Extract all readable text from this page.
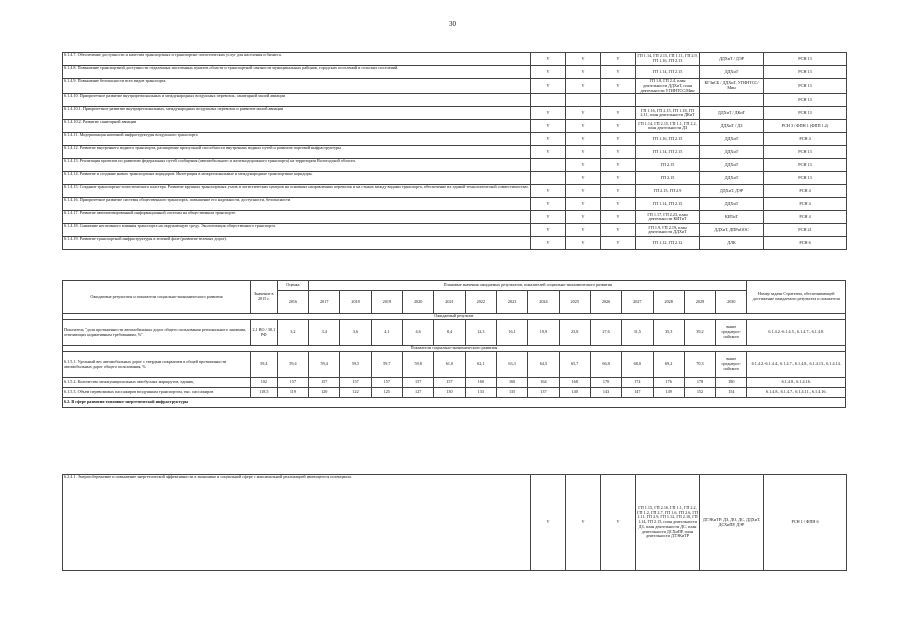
30
6.1.4.7. Обеспечение доступности и качества транспортных и транспортно-логистических услуг для населения и бизнеса.	V	V	V	ГП 1.14, ГП 2.15, ГП 1.11, ГП 2.9, ГП 1.16, ГП 2.13	ДДХиТ / ДЭР	РСН 13
6.1.4.8. Повышение транспортной доступности отдаленных населенных пунктов области и транспортной связности муниципальных районов, городских поселений и сельских поселений.	V	V	V	ГП 1.14, ГП 2.15	ДДХиТ	РСН 13
6.1.4.9. Повышение безопасности всех видов транспорта.	V	V	V	ГП 1.8, ГП 2.4, план деятельности ДДХиТ, план деятельности УГИНТСС/Мин	КГЗиСБ / ДДХиТ, УГИНТСС/Мин	РСН 13
6.1.4.10. Приоритетное развитие внутрирегиональных и международных воздушных перевозок, санитарной малой авиации						РСН 13
6.1.4.10.1. Приоритетное развитие внутрирегиональных, международных воздушных перевозок и развитие малой авиации	V	V	V	ГП 1.16, ГП 2.15, ГП 1.18, ГП 2.11, план деятельности ДКиТ	ДДХиТ / ДКиТ	РСН 13
6.1.4.10.2. Развитие санитарной авиации	V	V	V	ГП 1.14, ГП 2.15, ГП 1.1, ГП 2.2, план деятельности ДЗ	ДДХиТ / ДЗ	РСН 3 / ФПН 1 (ФПП 1.2)
6.1.4.11. Модернизация наземной инфраструктуры воздушного транспорта	V	V	V	ГП 1.16, ГП 2.15	ДДХиТ	РСН 4
6.1.4.12. Развитие внутреннего водного транспорта, расширение пропускной способности внутренних водных путей и развитие портовой инфраструктуры	V	V	V	ГП 1.14, ГП 2.15	ДДХиТ	РСН 13
6.1.4.13. Реализация проектов по развитию федеральных путей сообщения (автомобильного и железнодорожного транспорта) на территории Вологодской области.		V	V	ГП 2.15	ДДХиТ	РСН 13
6.1.4.14. Развитие и создание новых транспортных коридоров. Интеграция в межрегиональные и международные транспортные коридоры.		V	V	ГП 2.15	ДДХиТ	РСН 13
6.1.4.15. Создание транспортно-логистического кластера. Развитие крупных транспортных узлов и логистических центров на основных направлениях перевозок и на стыках между видами транспорта, обеспечение их единой технологической совместимостью.	V	V	V	ГП 2.15, ГП 2.9	ДДХиТ, ДЭР	РСН 4
6.1.4.16. Приоритетное развитие системы общественного транспорта, повышение его надежности, доступности, безопасности	V	V	V	ГП 1.14, ГП 2.15	ДДХиТ	РСН 4
6.1.4.17. Развитие автоматизированной информационной системы на общественном транспорте.	V	V	V	ГП 1.17, ГП 2.23, план деятельности КИТиТ	КИТиТ	РСН 4
6.1.4.18. Снижение негативного влияния транспорта на окружающую среду. Экологизация общественного транспорта.	V	V	V	ГП 1.9, ГП 2.19, план деятельности ДДХиТ	ДДХиТ, ДПРиООС	РСН 21
6.1.4.19. Развитие транспортной инфраструктуры в зеленой фазе (развитие зеленых дорог).	V	V	V	ГП 1.12, ГП 2.12	ДЛК	РСН 6
Ожидаемые результаты и показатели социально-экономического развития	Значение в 2015 г.	Оценка	Плановые значения ожидаемых результатов, показателей социально-экономического развития														Номер задачи Стратегии, обеспечивающей достижение ожидаемого результата и показателя
		2016	2017	2018	2019	2020	2021	2022	2023	2024	2025	2026	2027	2028	2029	2030	
Ожидаемый результат																	
Показатель "доля протяженности автомобильных дорог общего пользования регионального значения, отвечающих нормативным требованиям, %"	2,1 ВО / 38,1 РФ	3,2	3,4	3,6	4,1	4,6	8,4	12,3	16,1	19,9	23,8	27,6	31,5	35,3	39,2	выше среднероссийского	6.1.4.2.-6.1.4.5., 6.1.4.7., 6.1.4.8.
Показатели социально-экономического развития																	
6.1.5.1. Удельный вес автомобильных дорог с твердым покрытием в общей протяженности автомобильных дорог общего пользования, %	59,4	59,4	59,4	59,5	59,7	59,8	61,0	62,1	63,3	64,5	65,7	66,8	68,0	69,2	70,3	выше среднероссийского	6.1.4.2.-6.1.4.4., 6.1.4.7., 6.1.4.8., 6.1.4.13., 6.1.4.14.
6.1.5.2. Количество межмуниципальных автобусных маршрутов, единиц	102	157	157	157	157	157	157	160	160	164	168	170	174	176	178	180	6.1.4.8., 6.1.4.16.
6.1.5.3. Объем перевозимых пассажиров воздушным транспортом, тыс. пассажиров	118,5	119	120	122	125	127	130	133	135	137	140	143	147	149	152	154	6.1.4.8., 6.1.4.7., 6.1.4.11., 6.1.4.16.
6.2. В сфере развития топливно-энергетической инфраструктуры																	
6.2.4.1. Энергосбережение и повышение энергетической эффективности в экономике и социальной сфере с максимальной реализацией имеющегося потенциала.	V	V	V	ГП 1.15, ГП 2.16, ГП 1.1, ГП 2.2, ГП 1.2, ГП 2.7, ГП 1.6, ГП 2.6, ГП 1.11, ГП 2.9, ГП 1.12, ГП 2.10, ГП 1.14, ГП 2.15, план деятельности ДЗ, план деятельности ДС, план деятельности ДСХиПР, план деятельности ДТЭКиТР	ДТЭКиТР/ ДЗ, ДО, ДС, ДДХиТ, ДСХиПР, ДЭР	РСН 1 / ФПН 6
